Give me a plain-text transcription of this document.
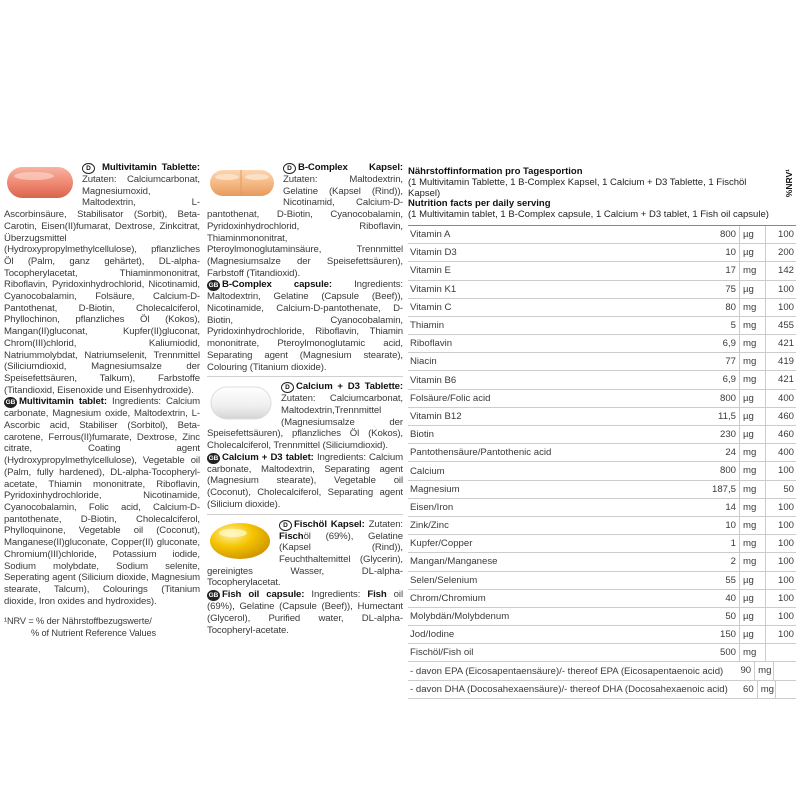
D Multivitamin Tablette: Zutaten: Calciumcarbonat, Magnesiumoxid, Maltodextrin, L-Ascorbinsäure, Stabilisator (Sorbit), Beta-Carotin, Eisen(II)fumarat, Dextrose, Zinkcitrat, Überzugsmittel (Hydroxypropylmethylcellulose), pflanzliches Öl (Palm, ganz gehärtet), DL-alpha-Tocopherylacetat, Thiaminmononitrat, Riboflavin, Pyridoxinhydrochlorid, Nicotinamid, Cyanocobalamin, Folsäure, Calcium-D-Pantothenat, D-Biotin, Cholecalciferol, Phyllochinon, pflanzliches Öl (Kokos), Mangan(II)gluconat, Kupfer(II)gluconat, Chrom(III)chlorid, Kaliumiodid, Natriummolybdat, Natriumselenit, Trennmittel (Siliciumdioxid, Magnesiumsalze der Speisefettsäuren, Talkum), Farbstoffe (Titandioxid, Eisenoxide und Eisenhydroxide).

GB Multivitamin tablet: Ingredients: Calcium carbonate, Magnesium oxide, Maltodextrin, L-Ascorbic acid, Stabiliser (Sorbitol), Beta-carotene, Ferrous(II)fumarate, Dextrose, Zinc citrate, Coating agent (Hydroxypropylmethylcellulose), Vegetable oil (Palm, fully hardened), DL-alpha-Tocopheryl-acetate, Thiamin mononitrate, Riboflavin, Pyridoxinhydrochloride, Nicotinamide, Cyanocobalamin, Folic acid, Calcium-D-pantothenate, D-Biotin, Cholecalciferol, Phylloquinone, Vegetable oil (Coconut), Manganese(II)gluconate, Copper(II) gluconate, Chromium(III)chloride, Potassium iodide, Sodium molybdate, Sodium selenite, Seperating agent (Silicium dioxide, Magnesium stearate, Talcum), Colourings (Titanium dioxide, Iron oxides and hydroxides).

¹NRV = % der Nährstoffbezugswerte/
% of Nutrient Reference Values

D B-Complex Kapsel: Zutaten: Maltodextrin, Gelatine (Kapsel (Rind)), Nicotinamid, Calcium-D-pantothenat, D-Biotin, Cyanocobalamin, Pyridoxinhydrochlorid, Riboflavin, Thiaminmononitrat, Pteroylmonoglutaminsäure, Trennmittel (Magnesiumsalze der Speisefettsäuren), Farbstoff (Titandioxid).

GB B-Complex capsule: Ingredients: Maltodextrin, Gelatine (Capsule (Beef)), Nicotinamide, Calcium-D-pantothenate, D-Biotin, Cyanocobalamin, Pyridoxinhydrochloride, Riboflavin, Thiamin mononitrate, Pteroylmonoglutamic acid, Separating agent (Magnesium stearate), Colouring (Titanium dioxide).

D Calcium + D3 Tablette: Zutaten: Calciumcarbonat, Maltodextrin,Trennmittel (Magnesiumsalze der Speisefettsäuren), pflanzliches Öl (Kokos), Cholecalciferol, Trennmittel (Siliciumdioxid).

GB Calcium + D3 tablet: Ingredients: Calcium carbonate, Maltodextrin, Separating agent (Magnesium stearate), Vegetable oil (Coconut), Cholecalciferol, Separating agent (Silicium dioxide).

D Fischöl Kapsel: Zutaten: Fischöl (69%), Gelatine (Kapsel (Rind)), Feuchthaltemittel (Glycerin), gereinigtes Wasser, DL-alpha-Tocopherylacetat.

GB Fish oil capsule: Ingredients: Fish oil (69%), Gelatine (Capsule (Beef)), Humectant (Glycerol), Purified water, DL-alpha-Tocopheryl-acetate.

Nährstoffinformation pro Tagesportion
(1 Multivitamin Tablette, 1 B-Complex Kapsel, 1 Calcium + D3 Tablette, 1 Fischöl Kapsel)
Nutrition facts per daily serving
(1 Multivitamin tablet, 1 B-Complex capsule, 1 Calcium + D3 tablet, 1 Fish oil capsule)
%NRV¹
Vitamin A	800 µg	100
Vitamin D3	10 µg	200
Vitamin E	17 mg	142
Vitamin K1	75 µg	100
Vitamin C	80 mg	100
Thiamin	5 mg	455
Riboflavin	6,9 mg	421
Niacin	77 mg	419
Vitamin B6	6,9 mg	421
Folsäure/Folic acid	800 µg	400
Vitamin B12	11,5 µg	460
Biotin	230 µg	460
Pantothensäure/Pantothenic acid	24 mg	400
Calcium	800 mg	100
Magnesium	187,5 mg	50
Eisen/Iron	14 mg	100
Zink/Zinc	10 mg	100
Kupfer/Copper	1 mg	100
Mangan/Manganese	2 mg	100
Selen/Selenium	55 µg	100
Chrom/Chromium	40 µg	100
Molybdän/Molybdenum	50 µg	100
Jod/Iodine	150 µg	100
Fischöl/Fish oil	500 mg
- davon EPA (Eicosapentaensäure)/- thereof EPA (Eicosapentaenoic acid)	90 mg
- davon DHA (Docosahexaensäure)/- thereof DHA (Docosahexaenoic acid)	60 mg
